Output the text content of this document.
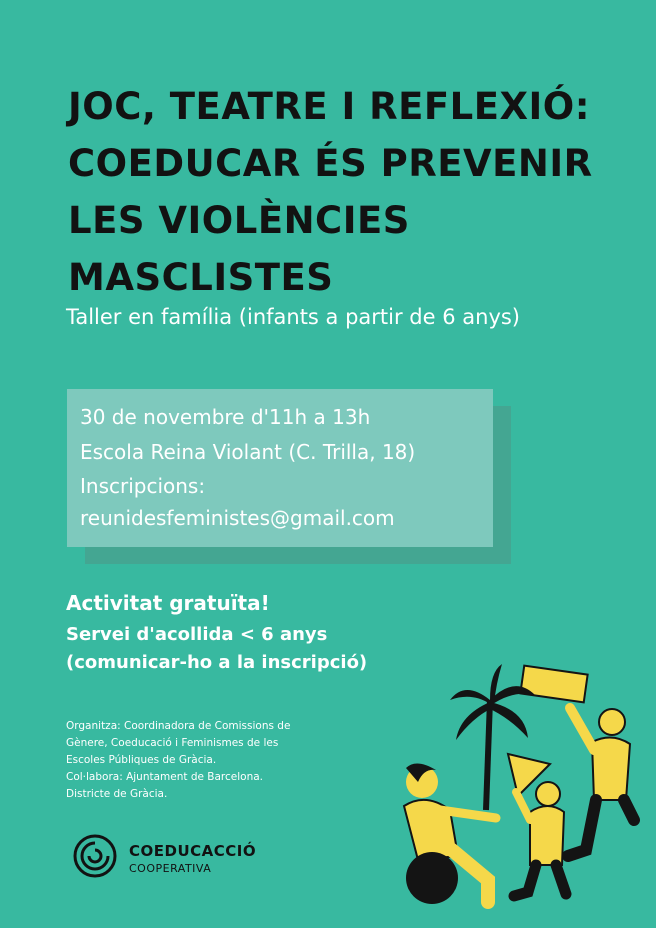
JOC, TEATRE I REFLEXIÓ:
COEDUCAR ÉS PREVENIR
LES VIOLÈNCIES
MASCLISTES
Taller en família (infants a partir de 6 anys)
30 de novembre d'11h a 13h
Escola Reina Violant (C. Trilla, 18)
Inscripcions:
reunidesfeministes@gmail.com
Activitat gratuïta!
Servei d'acollida < 6 anys
(comunicar-ho a la inscripció)
Organitza: Coordinadora de Comissions de
Gènere, Coeducació i Feminismes de les
Escoles Públiques de Gràcia.
Col·labora: Ajuntament de Barcelona.
Districte de Gràcia.
COEDUCACCIÓ
COOPERATIVA
